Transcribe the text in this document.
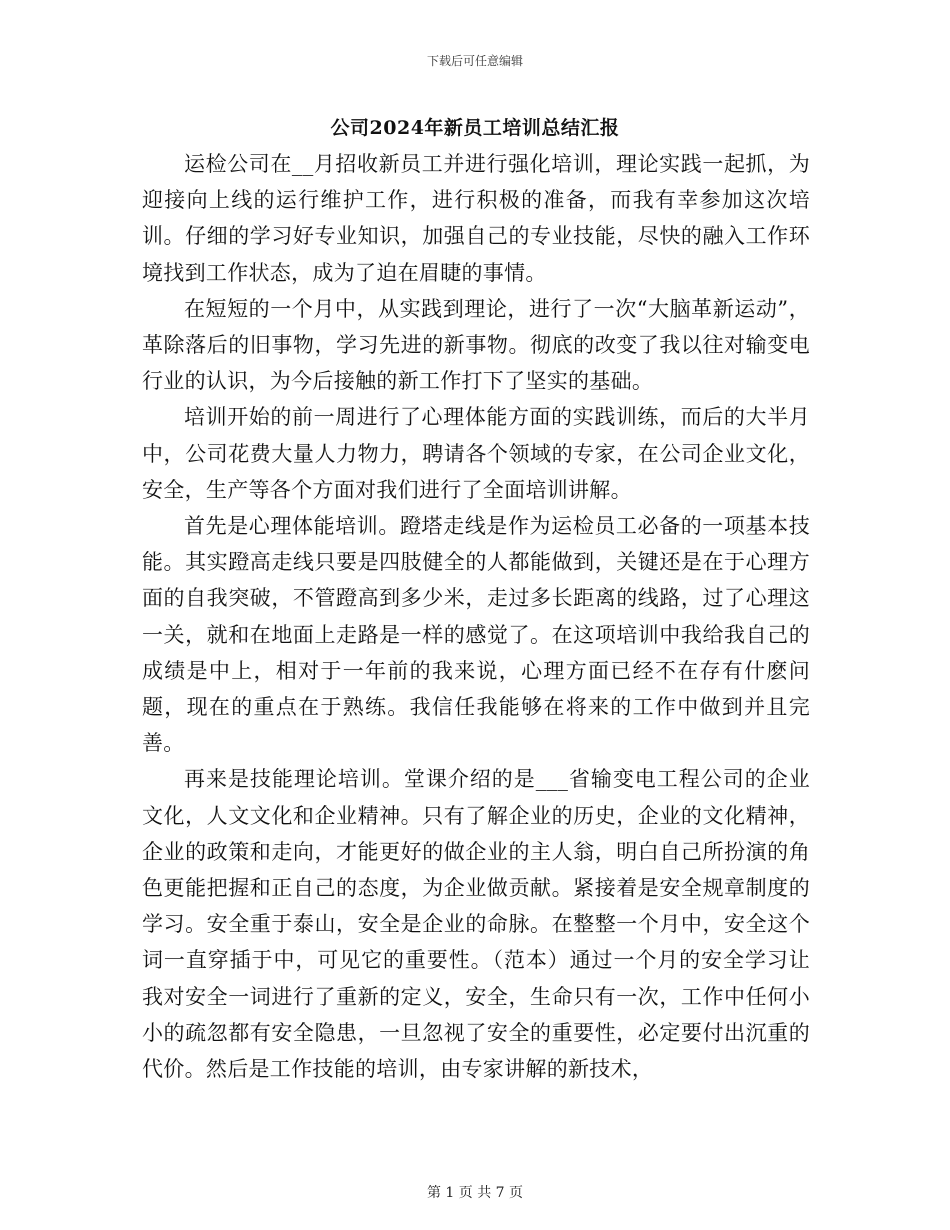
下载后可任意编辑
公司2024年新员工培训总结汇报

运检公司在__月招收新员工并进行强化培训，理论实践一起抓，为迎接向上线的运行维护工作，进行积极的准备，而我有幸参加这次培训。仔细的学习好专业知识，加强自己的专业技能，尽快的融入工作环境找到工作状态，成为了迫在眉睫的事情。

在短短的一个月中，从实践到理论，进行了一次“大脑革新运动”，革除落后的旧事物，学习先进的新事物。彻底的改变了我以往对输变电行业的认识，为今后接触的新工作打下了坚实的基础。

培训开始的前一周进行了心理体能方面的实践训练，而后的大半月中，公司花费大量人力物力，聘请各个领域的专家，在公司企业文化，安全，生产等各个方面对我们进行了全面培训讲解。

首先是心理体能培训。蹬塔走线是作为运检员工必备的一项基本技能。其实蹬高走线只要是四肢健全的人都能做到，关键还是在于心理方面的自我突破，不管蹬高到多少米，走过多长距离的线路，过了心理这一关，就和在地面上走路是一样的感觉了。在这项培训中我给我自己的成绩是中上，相对于一年前的我来说，心理方面已经不在存有什麽问题，现在的重点在于熟练。我信任我能够在将来的工作中做到并且完善。

再来是技能理论培训。堂课介绍的是___省输变电工程公司的企业文化，人文文化和企业精神。只有了解企业的历史，企业的文化精神，企业的政策和走向，才能更好的做企业的主人翁，明白自己所扮演的角色更能把握和正自己的态度，为企业做贡献。紧接着是安全规章制度的学习。安全重于泰山，安全是企业的命脉。在整整一个月中，安全这个词一直穿插于中，可见它的重要性。（范本）通过一个月的安全学习让我对安全一词进行了重新的定义，安全，生命只有一次，工作中任何小小的疏忽都有安全隐患，一旦忽视了安全的重要性，必定要付出沉重的代价。然后是工作技能的培训，由专家讲解的新技术，

第 1 页 共 7 页
